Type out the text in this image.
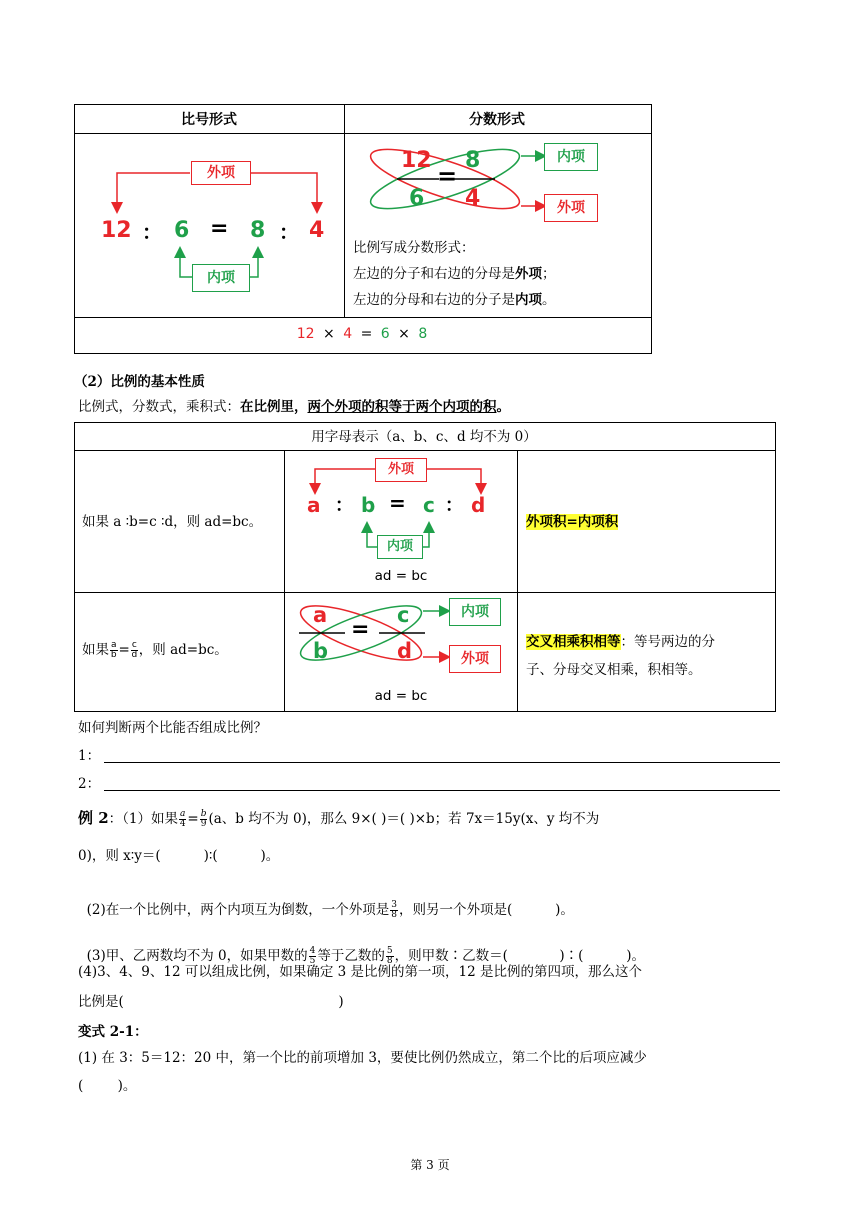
比号形式	分数形式
外项
内项
12 ： 6 = 8 ： 4
12
6
=
8
4
内项
外项
比例写成分数形式：
左边的分子和右边的分母是外项；
左边的分母和右边的分子是内项。
12 × 4 = 6 × 8
（2）比例的基本性质
比例式，分数式，乘积式：在比例里，两个外项的积等于两个内项的积。
用字母表示（a、b、c、d 均不为 0）
如果 a ∶b=c ∶d，则 ad=bc。
外项
内项
a ： b = c ： d
ad = bc
外项积=内项积
如果 $\frac{a}{b} = \frac{c}{d}$ ，则 ad=bc。
a
b
=
c
d
内项
外项
ad = bc
交叉相乘积相等：等号两边的分
子、分母交叉相乘，积相等。
如何判断两个比能否组成比例？
1：
2：
例 2：（1）如果 $\frac{a}{4} = \frac{b}{9} (a$、b 均不为 0)，那么 9×( )＝( )×b；若 7x＝15y(x、y 均不为
0)，则 x∶y＝(          )∶(          )。

(2)在一个比例中，两个内项互为倒数，一个外项是 $\frac{3}{8}$ ，则另一个外项是(          )。

(3)甲、乙两数均不为 0，如果甲数的 $\frac{4}{5}$ 等于乙数的 $\frac{5}{8}$ ，则甲数∶乙数＝(            )∶(          )。

(4)3、4、9、12 可以组成比例，如果确定 3 是比例的第一项，12 是比例的第四项，那么这个
比例是(                                                  )
变式 2-1：
(1) 在 3：5＝12：20 中，第一个比的前项增加 3，要使比例仍然成立，第二个比的后项应减少
(        )。
第 3 页
